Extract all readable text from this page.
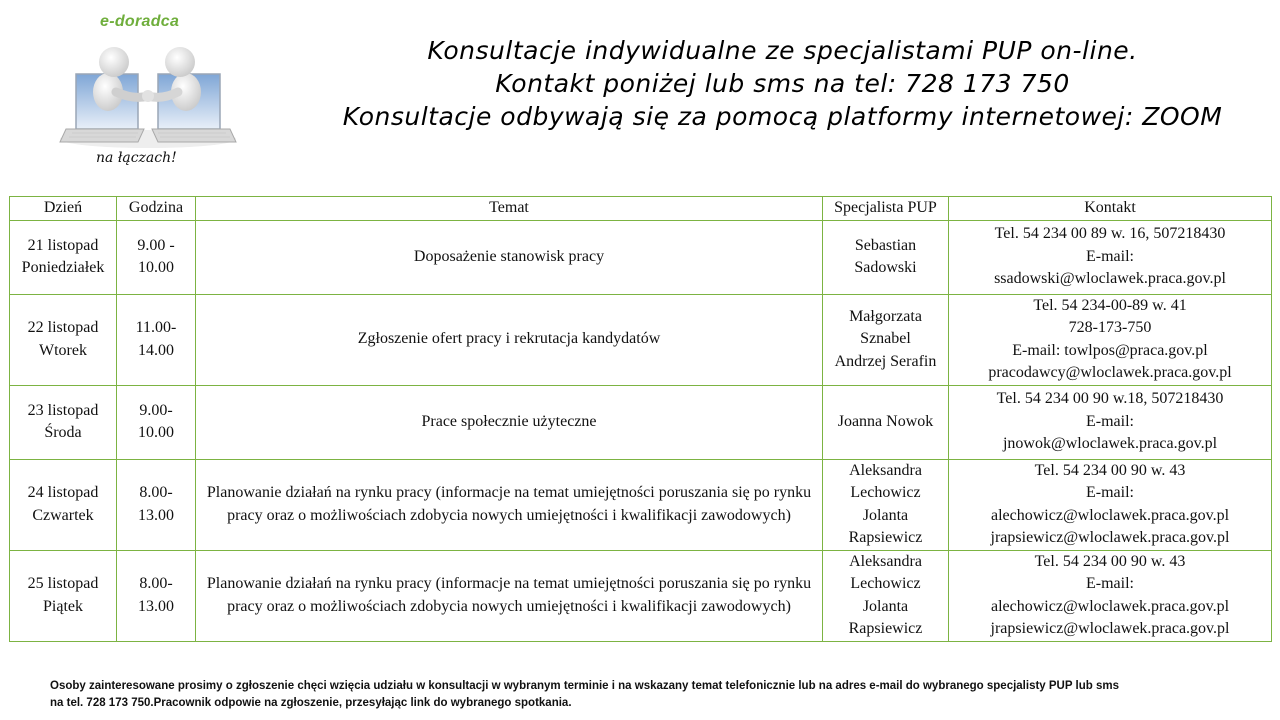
e-doradca
na łączach!
Konsultacje indywidualne ze specjalistami PUP on-line.
Kontakt poniżej lub sms na tel: 728 173 750
Konsultacje odbywają się za pomocą platformy internetowej: ZOOM
Dzień	Godzina	Temat	Specjalista PUP	Kontakt

21 listopad
Poniedziałek	9.00 -
10.00	Doposażenie stanowisk pracy	Sebastian
Sadowski	Tel. 54 234 00 89 w. 16, 507218430
E-mail:
ssadowski@wloclawek.praca.gov.pl

22 listopad
Wtorek	11.00-
14.00	Zgłoszenie ofert pracy i rekrutacja kandydatów	Małgorzata
Sznabel
Andrzej Serafin	Tel. 54 234-00-89 w. 41
728-173-750
E-mail: towlpos@praca.gov.pl
pracodawcy@wloclawek.praca.gov.pl

23 listopad
Środa	9.00-
10.00	Prace społecznie użyteczne	Joanna Nowok	Tel. 54 234 00 90 w.18, 507218430
E-mail:
jnowok@wloclawek.praca.gov.pl

24 listopad
Czwartek	8.00-
13.00	Planowanie działań na rynku pracy (informacje na temat umiejętności poruszania się po rynku pracy oraz o możliwościach zdobycia nowych umiejętności i kwalifikacji zawodowych)	Aleksandra
Lechowicz
Jolanta
Rapsiewicz	Tel. 54 234 00 90 w. 43
E-mail:
alechowicz@wloclawek.praca.gov.pl
jrapsiewicz@wloclawek.praca.gov.pl

25 listopad
Piątek	8.00-
13.00	Planowanie działań na rynku pracy (informacje na temat umiejętności poruszania się po rynku pracy oraz o możliwościach zdobycia nowych umiejętności i kwalifikacji zawodowych)	Aleksandra
Lechowicz
Jolanta
Rapsiewicz	Tel. 54 234 00 90 w. 43
E-mail:
alechowicz@wloclawek.praca.gov.pl
jrapsiewicz@wloclawek.praca.gov.pl
Osoby zainteresowane prosimy o zgłoszenie chęci wzięcia udziału w konsultacji w wybranym terminie i na wskazany temat telefonicznie lub na adres e-mail do wybranego specjalisty PUP lub sms
na tel. 728 173 750.Pracownik odpowie na zgłoszenie, przesyłając link do wybranego spotkania.
